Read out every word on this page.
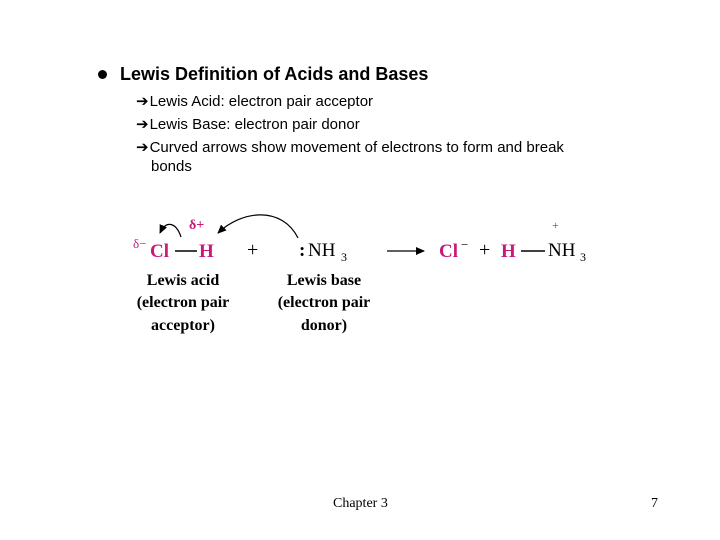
Lewis Definition of Acids and Bases
➔Lewis Acid: electron pair acceptor
➔Lewis Base: electron pair donor
➔Curved arrows show movement of electrons to form and break
bonds
δ−
δ+
Cl H + : NH 3	Cl − + H
+
NH 3
Lewis acid
(electron pair
acceptor)
Lewis base
(electron pair
donor)
Chapter 3	7
